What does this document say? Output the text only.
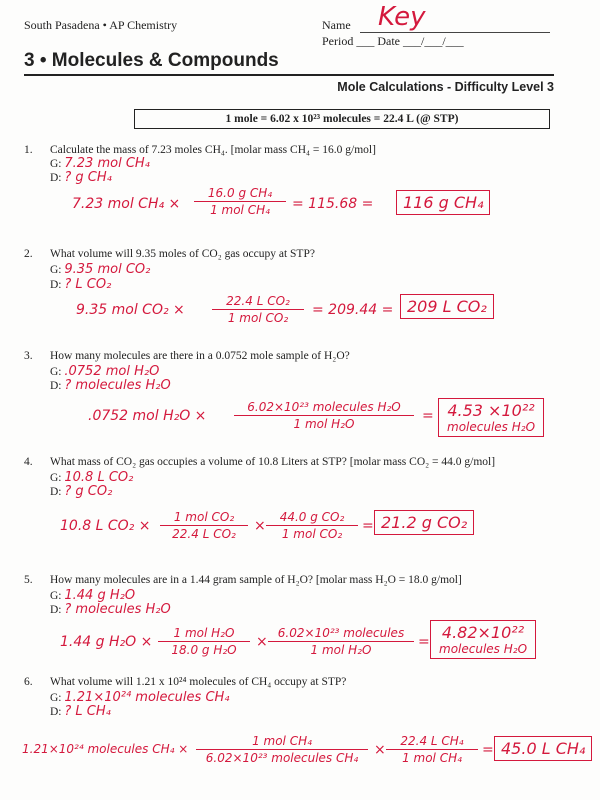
South Pasadena • AP Chemistry	Name Key
Period ___ Date ___/___/___
3 • Molecules & Compounds
Mole Calculations - Difficulty Level 3
1 mole = 6.02 x 10²³ molecules = 22.4 L (@ STP)
1. Calculate the mass of 7.23 moles CH₄. [molar mass CH₄ = 16.0 g/mol]
G: 7.23 mol CH₄
D: ? g CH₄
7.23 mol CH₄ ×
16.0 g CH₄
1 mol CH₄	= 115.68 =	116 g CH₄
2. What volume will 9.35 moles of CO₂ gas occupy at STP?
G: 9.35 mol CO₂
D: ? L CO₂
9.35 mol CO₂ ×
22.4 L CO₂
1 mol CO₂	= 209.44 = 209 L CO₂
3. How many molecules are there in a 0.0752 mole sample of H₂O?
G: .0752 mol H₂O
D: ? molecules H₂O
.0752 mol H₂O ×
6.02×10²³ molecules H₂O
1 mol H₂O	= 4.53 ×10²²
molecules H₂O
4. What mass of CO₂ gas occupies a volume of 10.8 Liters at STP? [molar mass CO₂ = 44.0 g/mol]
G: 10.8 L CO₂
D: ? g CO₂
10.8 L CO₂ ×
1 mol CO₂
22.4 L CO₂	×
44.0 g CO₂
1 mol CO₂	= 21.2 g CO₂
5. How many molecules are in a 1.44 gram sample of H₂O? [molar mass H₂O = 18.0 g/mol]
G: 1.44 g H₂O
D: ? molecules H₂O
1.44 g H₂O ×
1 mol H₂O
18.0 g H₂O	×
6.02×10²³ molecules
1 mol H₂O	= 4.82×10²²
molecules H₂O
6. What volume will 1.21 x 10²⁴ molecules of CH₄ occupy at STP?
G: 1.21×10²⁴ molecules CH₄
D: ? L CH₄
1.21×10²⁴ molecules CH₄ ×
1 mol CH₄
6.02×10²³ molecules CH₄	×
22.4 L CH₄
1 mol CH₄	= 45.0 L CH₄
